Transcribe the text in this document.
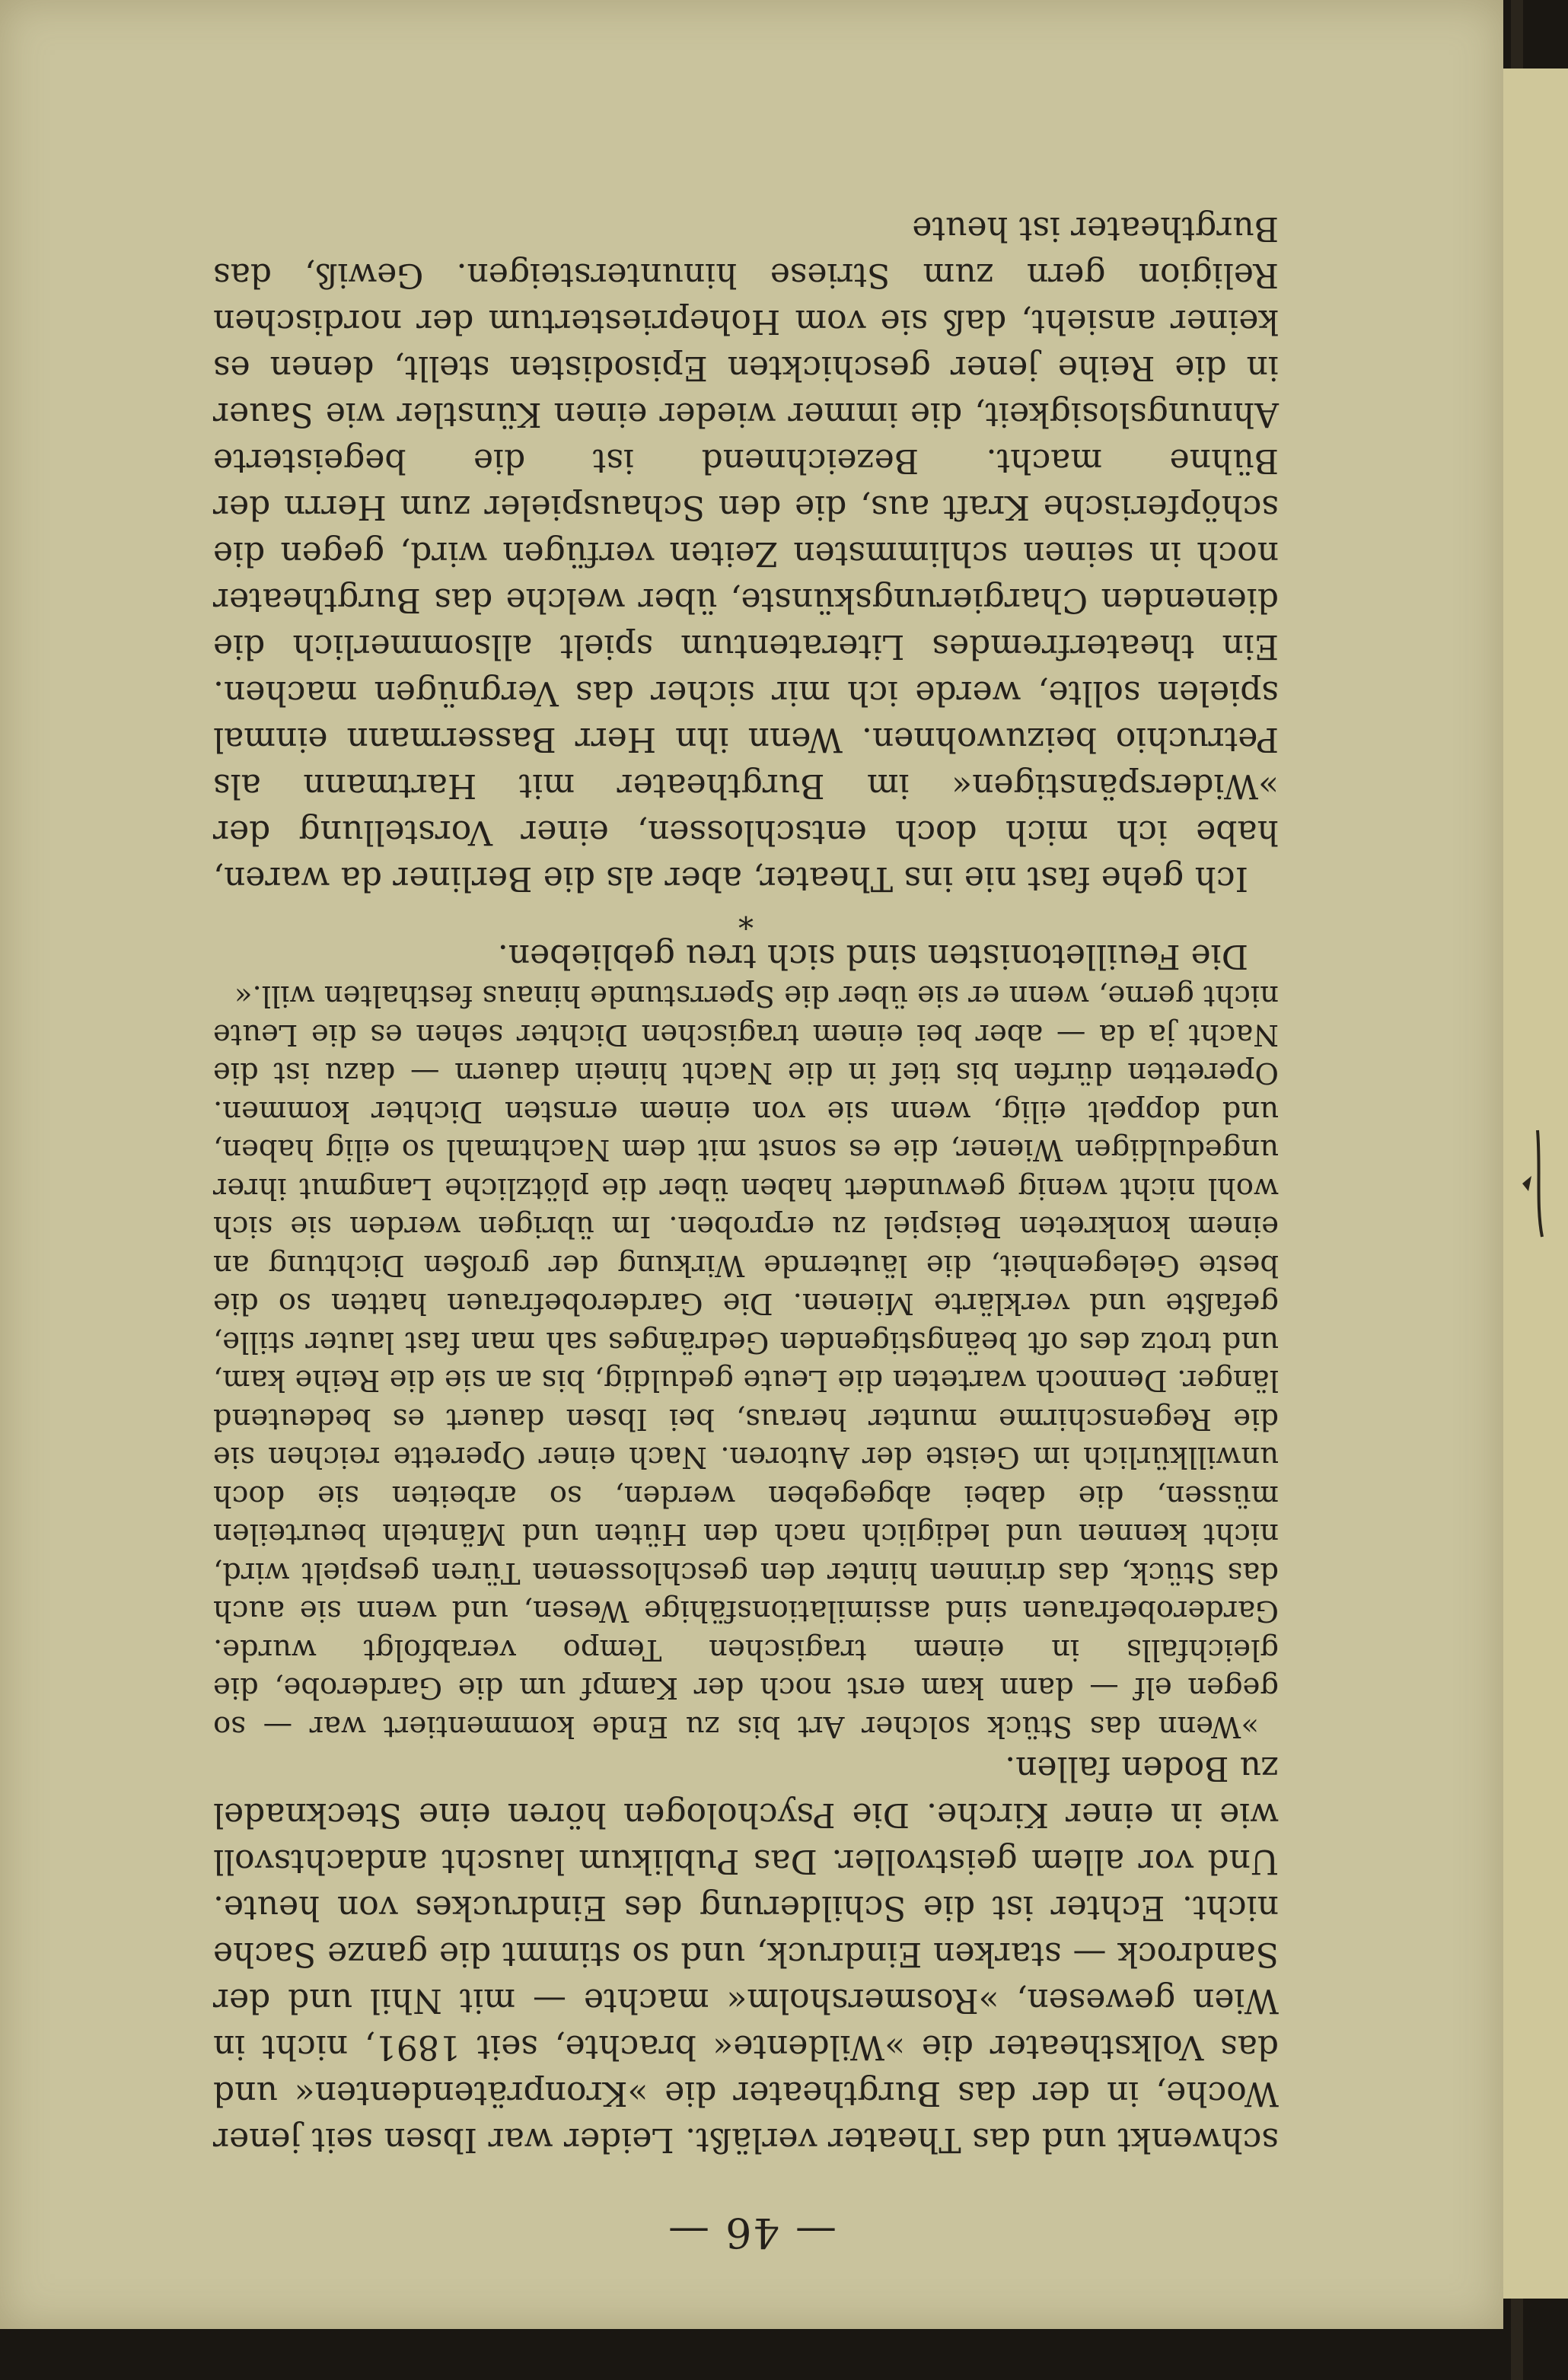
— 46 —

schwenkt und das Theater verläßt. Leider war Ibsen seit jener Woche, in der das Burgtheater die »Kronprätendenten« und das Volkstheater die »Wildente« brachte, seit 1891, nicht in Wien gewesen, »Rosmersholm« machte — mit Nhil und der Sandrock — starken Eindruck, und so stimmt die ganze Sache nicht. Echter ist die Schilderung des Eindruckes von heute. Und vor allem geistvoller. Das Publikum lauscht andachtsvoll wie in einer Kirche. Die Psychologen hören eine Stecknadel zu Boden fallen.

»Wenn das Stück solcher Art bis zu Ende kommentiert war — so gegen elf — dann kam erst noch der Kampf um die Garderobe, die gleichfalls in einem tragischen Tempo verabfolgt wurde. Garderobefrauen sind assimilationsfähige Wesen, und wenn sie auch das Stück, das drinnen hinter den geschlossenen Türen gespielt wird, nicht kennen und lediglich nach den Hüten und Mänteln beurteilen müssen, die dabei abgegeben werden, so arbeiten sie doch unwillkürlich im Geiste der Autoren. Nach einer Operette reichen sie die Regenschirme munter heraus, bei Ibsen dauert es bedeutend länger. Dennoch warteten die Leute geduldig, bis an sie die Reihe kam, und trotz des oft beängstigenden Gedränges sah man fast lauter stille, gefaßte und verklärte Mienen. Die Garderobefrauen hatten so die beste Gelegenheit, die läuternde Wirkung der großen Dichtung an einem konkreten Beispiel zu erproben. Im übrigen werden sie sich wohl nicht wenig gewundert haben über die plötzliche Langmut ihrer ungeduldigen Wiener, die es sonst mit dem Nachtmahl so eilig haben, und doppelt eilig, wenn sie von einem ernsten Dichter kommen. Operetten dürfen bis tief in die Nacht hinein dauern — dazu ist die Nacht ja da — aber bei einem tragischen Dichter sehen es die Leute nicht gerne, wenn er sie über die Sperrstunde hinaus festhalten will.«

Die Feuilletonisten sind sich treu geblieben.

*

Ich gehe fast nie ins Theater, aber als die Berliner da waren, habe ich mich doch entschlossen, einer Vorstellung der »Widerspänstigen« im Burgtheater mit Hartmann als Petruchio beizuwohnen. Wenn ihn Herr Bassermann einmal spielen sollte, werde ich mir sicher das Vergnügen machen. Ein theaterfremdes Literatentum spielt allsommerlich die dienenden Chargierungskünste, über welche das Burgtheater noch in seinen schlimmsten Zeiten verfügen wird, gegen die schöpferische Kraft aus, die den Schauspieler zum Herrn der Bühne macht. Bezeichnend ist die begeisterte Ahnungslosigkeit, die immer wieder einen Künstler wie Sauer in die Reihe jener geschickten Episodisten stellt, denen es keiner ansieht, daß sie vom Hohepriestertum der nordischen Religion gern zum Striese hinuntersteigen. Gewiß, das Burgtheater ist heute
